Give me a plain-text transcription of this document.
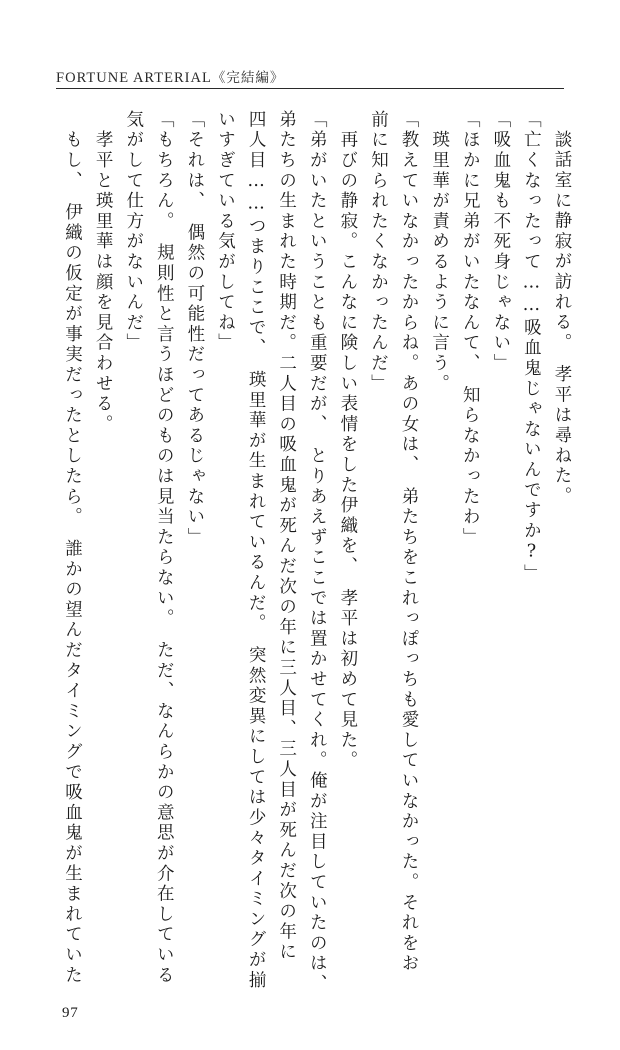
FORTUNE ARTERIAL《完結編》
談話室に静寂が訪れる。　孝平は尋ねた。
「亡くなったって……吸血鬼じゃないんですか?」
「吸血鬼も不死身じゃない」
「ほかに兄弟がいたなんて、　知らなかったわ」
　瑛里華が責めるように言う。
「教えていなかったからね。あの女は、　弟たちをこれっぽっちも愛していなかった。それをお
前に知られたくなかったんだ」
　再びの静寂。こんなに険しい表情をした伊織を、　孝平は初めて見た。
「弟がいたということも重要だが、　とりあえずここでは置かせてくれ。俺が注目していたのは、
弟たちの生まれた時期だ。二人目の吸血鬼が死んだ次の年に三人目、三人目が死んだ次の年に
四人目……つまりここで、　瑛里華が生まれているんだ。　突然変異にしては少々タイミングが揃
いすぎている気がしてね」
「それは、　偶然の可能性だってあるじゃない」
「もちろん。　規則性と言うほどのものは見当たらない。　ただ、なんらかの意思が介在している
気がして仕方がないんだ」
　孝平と瑛里華は顔を見合わせる。
　もし、　伊織の仮定が事実だったとしたら。　誰かの望んだタイミングで吸血鬼が生まれていた
97
